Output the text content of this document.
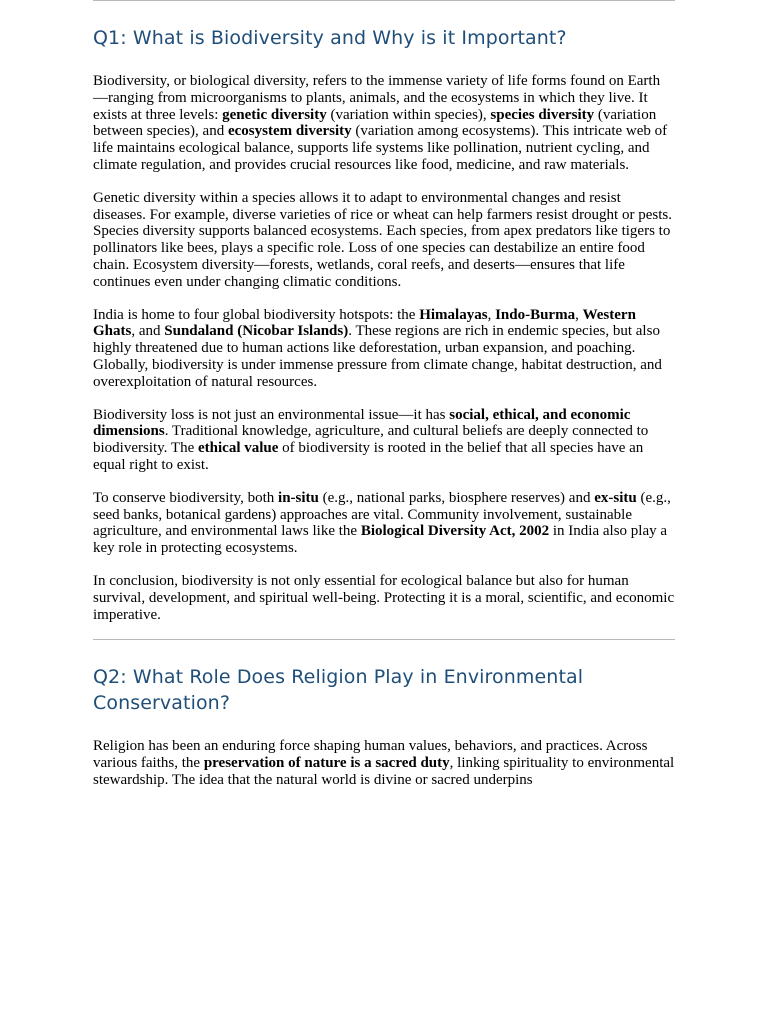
Q1: What is Biodiversity and Why is it Important?

Biodiversity, or biological diversity, refers to the immense variety of life forms found on Earth—ranging from microorganisms to plants, animals, and the ecosystems in which they live. It exists at three levels: genetic diversity (variation within species), species diversity (variation between species), and ecosystem diversity (variation among ecosystems). This intricate web of life maintains ecological balance, supports life systems like pollination, nutrient cycling, and climate regulation, and provides crucial resources like food, medicine, and raw materials.

Genetic diversity within a species allows it to adapt to environmental changes and resist diseases. For example, diverse varieties of rice or wheat can help farmers resist drought or pests. Species diversity supports balanced ecosystems. Each species, from apex predators like tigers to pollinators like bees, plays a specific role. Loss of one species can destabilize an entire food chain. Ecosystem diversity—forests, wetlands, coral reefs, and deserts—ensures that life continues even under changing climatic conditions.

India is home to four global biodiversity hotspots: the Himalayas, Indo-Burma, Western Ghats, and Sundaland (Nicobar Islands). These regions are rich in endemic species, but also highly threatened due to human actions like deforestation, urban expansion, and poaching. Globally, biodiversity is under immense pressure from climate change, habitat destruction, and overexploitation of natural resources.

Biodiversity loss is not just an environmental issue—it has social, ethical, and economic dimensions. Traditional knowledge, agriculture, and cultural beliefs are deeply connected to biodiversity. The ethical value of biodiversity is rooted in the belief that all species have an equal right to exist.

To conserve biodiversity, both in-situ (e.g., national parks, biosphere reserves) and ex-situ (e.g., seed banks, botanical gardens) approaches are vital. Community involvement, sustainable agriculture, and environmental laws like the Biological Diversity Act, 2002 in India also play a key role in protecting ecosystems.

In conclusion, biodiversity is not only essential for ecological balance but also for human survival, development, and spiritual well-being. Protecting it is a moral, scientific, and economic imperative.

Q2: What Role Does Religion Play in Environmental Conservation?

Religion has been an enduring force shaping human values, behaviors, and practices. Across various faiths, the preservation of nature is a sacred duty, linking spirituality to environmental stewardship. The idea that the natural world is divine or sacred underpins
